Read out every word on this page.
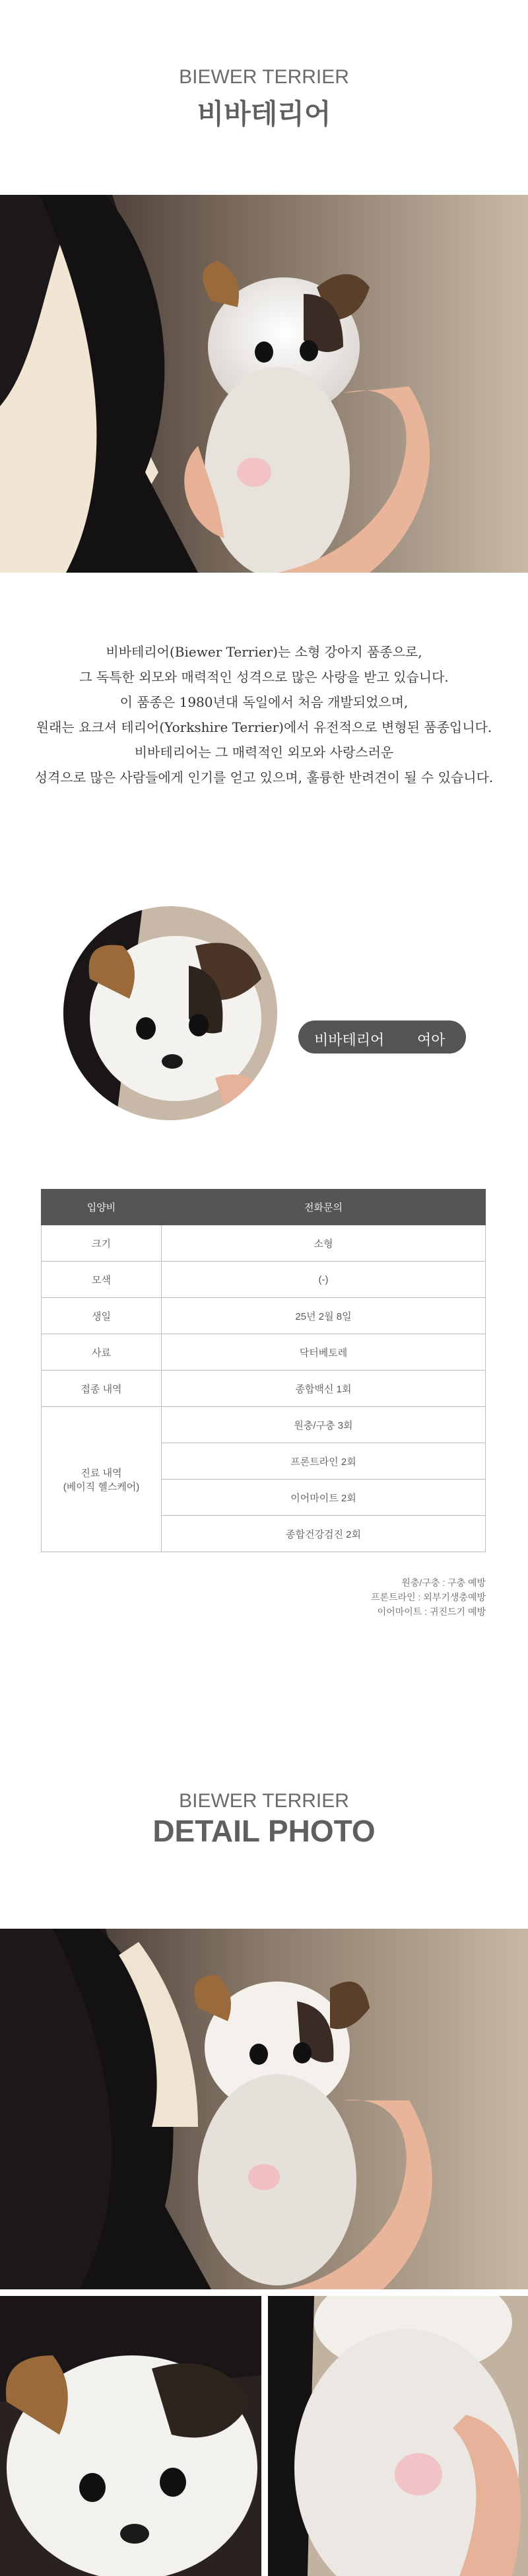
BIEWER TERRIER
비바테리어

비바테리어(Biewer Terrier)는 소형 강아지 품종으로,

그 독특한 외모와 매력적인 성격으로 많은 사랑을 받고 있습니다.

이 품종은 1980년대 독일에서 처음 개발되었으며,

원래는 요크셔 테리어(Yorkshire Terrier)에서 유전적으로 변형된 품종입니다.

비바테리어는 그 매력적인 외모와 사랑스러운

성격으로 많은 사람들에게 인기를 얻고 있으며, 훌륭한 반려견이 될 수 있습니다.

비바테리어 여아
입양비	전화문의
크기	소형
모색	(-)
생일	25년 2월 8일
사료	닥터베토레
접종 내역	종합백신 1회

진료 내역
(베이직 헬스케어)	원충/구충 3회
	프론트라인 2회
	이어마이트 2회
	종합건강검진 2회
원충/구충 : 구충 예방
프론트라인 : 외부기생충예방
이어마이트 : 귀진드기 예방
BIEWER TERRIER
DETAIL PHOTO
